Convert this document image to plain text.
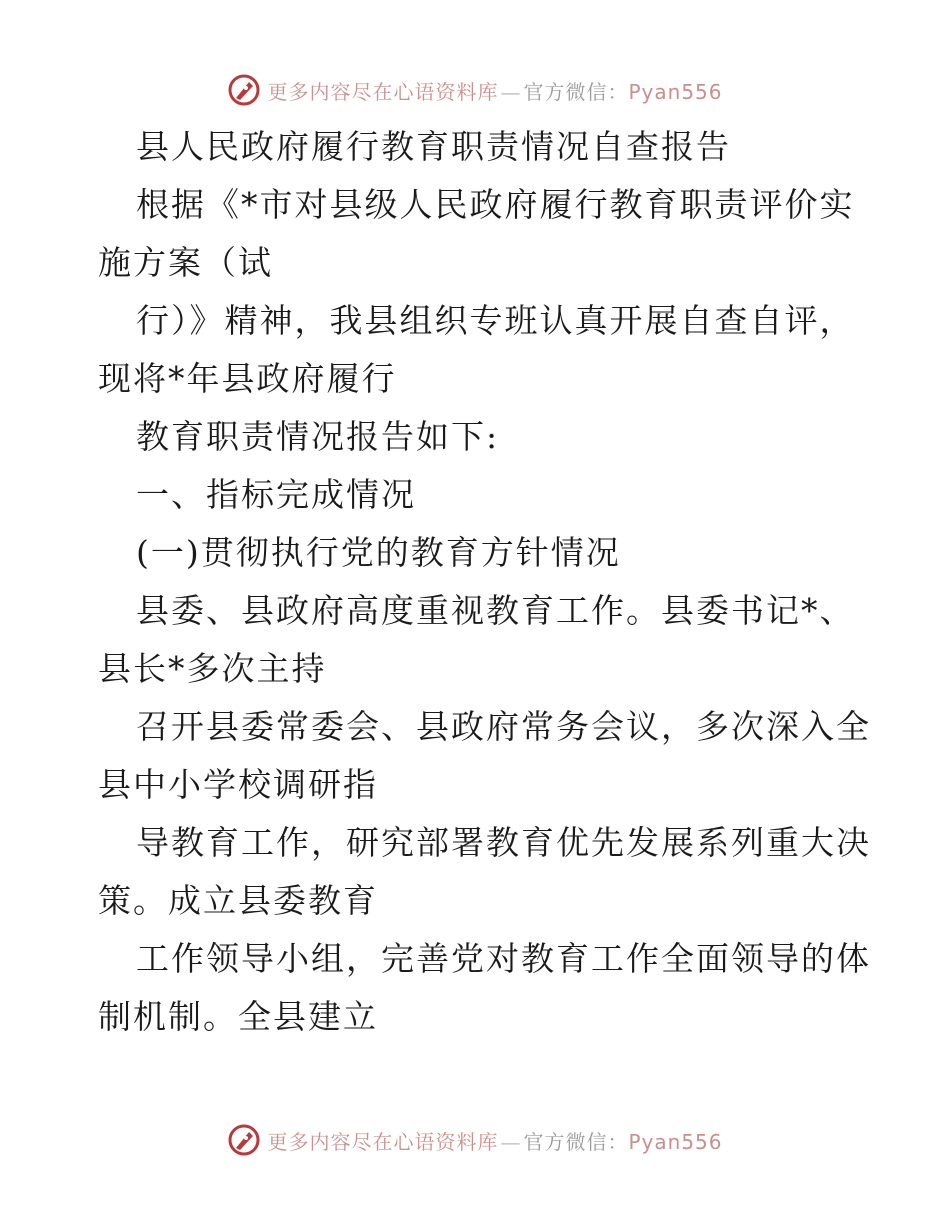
更多内容尽在心语资料库 — 官方微信：Pyan556
县人民政府履行教育职责情况自查报告
根据《*市对县级人民政府履行教育职责评价实
施方案（试
行）》精神，我县组织专班认真开展自查自评，
现将*年县政府履行
教育职责情况报告如下:
一、指标完成情况
(一)贯彻执行党的教育方针情况
县委、县政府高度重视教育工作。县委书记*、
县长*多次主持
召开县委常委会、县政府常务会议，多次深入全
县中小学校调研指
导教育工作，研究部署教育优先发展系列重大决
策。成立县委教育
工作领导小组，完善党对教育工作全面领导的体
制机制。全县建立
更多内容尽在心语资料库 — 官方微信：Pyan556
